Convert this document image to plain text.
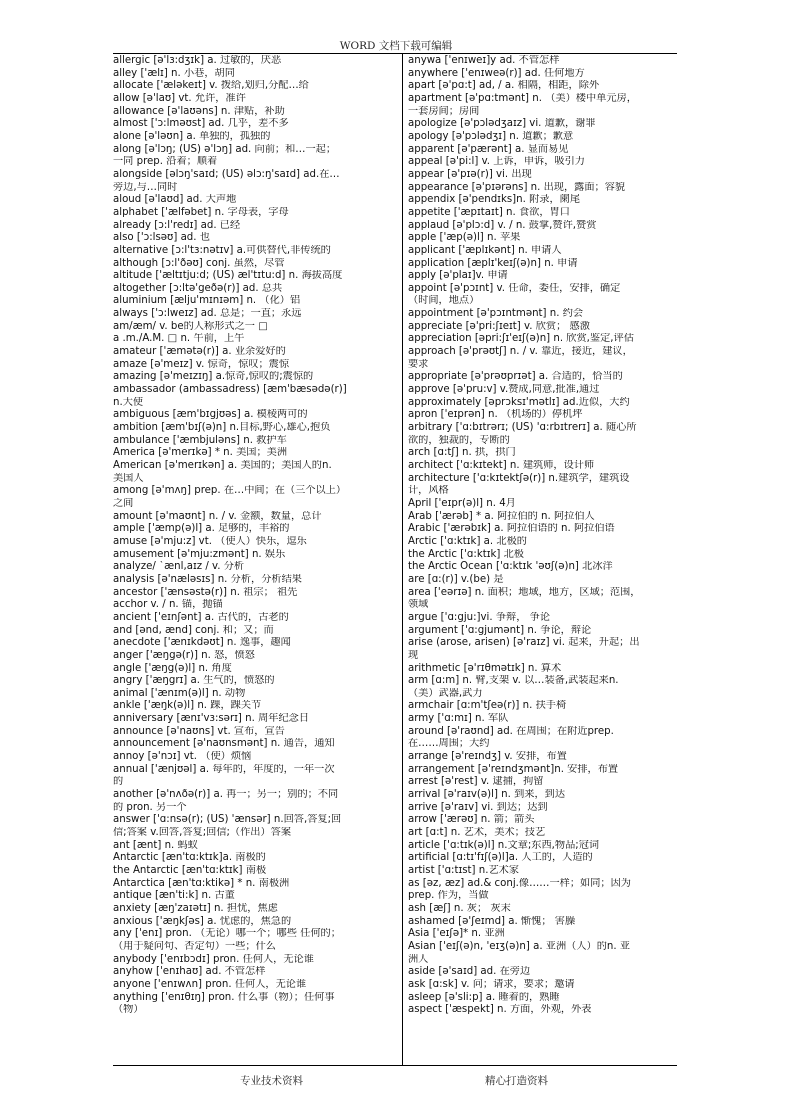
WORD 文档下载可编辑
allergic [ə'lɜ:dʒɪk] a. 过敏的，厌恶
alley ['ælɪ] n. 小巷，胡同
allocate ['æləkeɪt] v. 拨给,划归,分配…给
allow [ə'laʊ] vt. 允许，准许
allowance [ə'laʊəns] n. 津贴，补助
almost ['ɔ:lməʊst] ad. 几乎，差不多
alone [ə'ləʊn] a. 单独的，孤独的
along [ə'lɔŋ; (US) ə'lɔŋ] ad. 向前；和…一起；
一同 prep. 沿着；顺着
alongside [əlɔŋ'saɪd; (US) əlɔ:ŋ'saɪd] ad.在…
旁边,与…同时
aloud [ə'laʊd] ad. 大声地
alphabet ['ælfəbet] n. 字母表，字母
already [ɔ:l'redɪ] ad. 已经
also ['ɔ:lsəʊ] ad. 也
alternative [ɔ:l'tɜ:nətɪv] a.可供替代,非传统的
although [ɔ:l'ðəʊ] conj. 虽然，尽管
altitude ['æltɪtju:d; (US) æl'tɪtu:d] n. 海拔高度
altogether [ɔ:ltə'geðə(r)] ad. 总共
aluminium [ælju'mɪnɪəm] n. （化）铝
always ['ɔ:lweɪz] ad. 总是；一直；永远
am/æm/ v. be的人称形式之一 □
a .m./A.M. □ n. 午前，上午
amateur ['æmətə(r)] a. 业余爱好的
amaze [ə'meɪz] v. 惊奇，惊叹；震惊
amazing [ə'meɪzɪŋ] a.惊奇,惊叹的;震惊的
ambassador (ambassadress) [æm'bæsədə(r)]
n.大使
ambiguous [æm'bɪgjʊəs] a. 模棱两可的
ambition [æm'bɪʃ(ə)n] n.目标,野心,雄心,抱负
ambulance ['æmbjuləns] n. 救护车
America [ə'merɪkə] * n. 美国；美洲
American [ə'merɪkən] a. 美国的；美国人的n.
美国人
among [ə'mʌŋ] prep. 在…中间；在（三个以上）
之间
amount [ə'maʊnt] n. / v. 金额，数量，总计
ample ['æmp(ə)l] a. 足够的，丰裕的
amuse [ə'mju:z] vt. （使人）快乐，逗乐
amusement [ə'mju:zmənt] n. 娱乐
analyze/ `ænl,aɪz / v. 分析
analysis [ə'næləsɪs] n. 分析，分析结果
ancestor ['ænsəstə(r)] n. 祖宗； 祖先
acchor v. / n. 锚，抛锚
ancient ['eɪnʃənt] a. 古代的，古老的
and [ənd, ænd] conj. 和；又；而
anecdote ['ænɪkdəʊt] n. 逸事，趣闻
anger ['æŋgə(r)] n. 怒，愤怒
angle ['æŋg(ə)l] n. 角度
angry ['æŋgrɪ] a. 生气的，愤怒的
animal ['ænɪm(ə)l] n. 动物
ankle ['æŋk(ə)l] n. 踝，踝关节
anniversary [ænɪ'vɜ:sərɪ] n. 周年纪念日
announce [ə'naʊns] vt. 宣布，宣告
announcement [ə'naʊnsmənt] n. 通告，通知
annoy [ə'nɔɪ] vt. （使）烦恼
annual ['ænjʊəl] a. 每年的，年度的，一年一次
的
another [ə'nʌðə(r)] a. 再一；另一；别的；不同
的 pron. 另一个
answer ['ɑ:nsə(r); (US) 'ænsər] n.回答,答复;回
信;答案 v.回答,答复;回信;（作出）答案
ant [ænt] n. 蚂蚁
Antarctic [æn'tɑ:ktɪk]a. 南极的
the Antarctic [æn'tɑ:ktɪk] 南极
Antarctica [æn'tɑ:ktikə] * n. 南极洲
antique [æn'ti:k] n. 古董
anxiety [æŋ'zaɪətɪ] n. 担忧，焦虑
anxious ['æŋkʃəs] a. 忧虑的，焦急的
any ['enɪ] pron. （无论）哪一个；哪些 任何的；
（用于疑问句、否定句）一些；什么
anybody ['enɪbɔdɪ] pron. 任何人，无论谁
anyhow ['enɪhaʊ] ad. 不管怎样
anyone ['enɪwʌn] pron. 任何人，无论谁
anything ['enɪθɪŋ] pron. 什么事（物）；任何事
（物）
anywa ['enɪweɪ]y ad. 不管怎样
anywhere ['enɪweə(r)] ad. 任何地方
apart [ə'pɑ:t] ad, / a. 相隔，相距，除外
apartment [ə'pɑ:tmənt] n. （美）楼中单元房，
一套房间；房间
apologize [ə'pɔlədʒaɪz] vi. 道歉，谢罪
apology [ə'pɔlədʒɪ] n. 道歉；歉意
apparent [ə'pærənt] a. 显而易见
appeal [ə'pi:l] v. 上诉，申诉，吸引力
appear [ə'pɪə(r)] vi. 出现
appearance [ə'pɪərəns] n. 出现，露面；容貌
appendix [ə'pendɪks]n. 附录，阑尾
appetite ['æpɪtaɪt] n. 食欲，胃口
applaud [ə'plɔ:d] v. / n. 鼓掌,赞许,赞赏
apple ['æp(ə)l] n. 苹果
applicant ['æplɪkənt] n. 申请人
application [æplɪ'keɪʃ(ə)n] n. 申请
apply [ə'plaɪ]v. 申请
appoint [ə'pɔɪnt] v. 任命，委任，安排，确定
（时间，地点）
appointment [ə'pɔɪntmənt] n. 约会
appreciate [ə'pri:ʃɪeɪt] v. 欣赏； 感激
appreciation [əpri:ʃɪ'eɪʃ(ə)n] n. 欣赏,鉴定,评估
approach [ə'prəʊtʃ] n. / v. 靠近，接近，建议，
要求
appropriate [ə'prəʊprɪət] a. 合适的，恰当的
approve [ə'pru:v] v.赞成,同意,批准,通过
approximately [əprɔksɪ'mətlɪ] ad.近似，大约
apron ['eɪprən] n. （机场的）停机坪
arbitrary ['ɑ:bɪtrərɪ; (US) 'ɑ:rbɪtrerɪ] a. 随心所
欲的，独裁的，专断的
arch [ɑ:tʃ] n. 拱，拱门
architect ['ɑ:kɪtekt] n. 建筑师，设计师
architecture ['ɑ:kɪtektʃə(r)] n.建筑学，建筑设
计，风格
April ['eɪpr(ə)l] n. 4月
Arab ['ærəb] * a. 阿拉伯的 n. 阿拉伯人
Arabic ['ærəbɪk] a. 阿拉伯语的 n. 阿拉伯语
Arctic ['ɑ:ktɪk] a. 北极的
the Arctic ['ɑ:ktɪk] 北极
the Arctic Ocean ['ɑ:ktɪk 'əʊʃ(ə)n] 北冰洋
are [ɑ:(r)] v.(be) 是
area ['eərɪə] n. 面积；地域，地方，区域；范围，
领域
argue ['ɑ:gju:]vi. 争辩， 争论
argument ['ɑ:gjumənt] n. 争论，辩论
arise (arose, arisen) [ə'raɪz] vi. 起来，升起；出
现
arithmetic [ə'rɪθmətɪk] n. 算术
arm [ɑ:m] n. 臂,支架 v. 以…装备,武装起来n.
（美）武器,武力
armchair [ɑ:m'tʃeə(r)] n. 扶手椅
army ['ɑ:mɪ] n. 军队
around [ə'raʊnd] ad. 在周围；在附近prep.
在……周围；大约
arrange [ə'reɪndʒ] v. 安排，布置
arrangement [ə'reɪndʒmənt]n. 安排，布置
arrest [ə'rest] v. 逮捕，拘留
arrival [ə'raɪv(ə)l] n. 到来，到达
arrive [ə'raɪv] vi. 到达；达到
arrow ['ærəʊ] n. 箭；箭头
art [ɑ:t] n. 艺术，美术；技艺
article ['ɑ:tɪk(ə)l] n.文章;东西,物品;冠词
artificial [ɑ:tɪ'fɪʃ(ə)l]a. 人工的，人造的
artist ['ɑ:tɪst] n.艺术家
as [əz, æz] ad.& conj.像……一样；如同；因为
prep. 作为，当做
ash [æʃ] n. 灰； 灰末
ashamed [ə'ʃeɪmd] a. 惭愧； 害臊
Asia ['eɪʃə]* n. 亚洲
Asian ['eɪʃ(ə)n, 'eɪʒ(ə)n] a. 亚洲（人）的n. 亚
洲人
aside [ə'saɪd] ad. 在旁边
ask [ɑ:sk] v. 问；请求，要求；邀请
asleep [ə'sli:p] a. 睡着的，熟睡
aspect ['æspekt] n. 方面，外观，外表
专业技术资料	精心打造资料
